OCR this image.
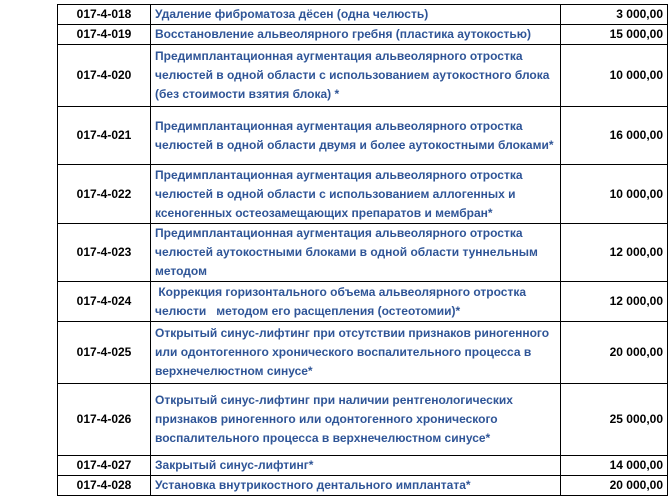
017-4-018	Удаление фиброматоза дёсен (одна челюсть)	3 000,00
017-4-019	Восстановление альвеолярного гребня (пластика аутокостью)	15 000,00
017-4-020	Предимплантационная аугментация альвеолярного отростка челюстей в одной области с использованием аутокостного блока (без стоимости взятия блока) *	10 000,00
017-4-021	Предимплантационная аугментация альвеолярного отростка челюстей в одной области двумя и более аутокостными блоками*	16 000,00
017-4-022	Предимплантационная аугментация альвеолярного отростка челюстей в одной области с использованием аллогенных и ксеногенных остеозамещающих препаратов и мембран*	10 000,00
017-4-023	Предимплантационная аугментация альвеолярного отростка челюстей аутокостными блоками в одной области туннельным методом	12 000,00
017-4-024	Коррекция горизонтального объема альвеолярного отростка челюсти   методом его расщепления (остеотомии)*	12 000,00
017-4-025	Открытый синус-лифтинг при отсутствии признаков риногенного или одонтогенного хронического воспалительного процесса в верхнечелюстном синусе*	20 000,00
017-4-026	Открытый синус-лифтинг при наличии рентгенологических признаков риногенного или одонтогенного хронического воспалительного процесса в верхнечелюстном синусе*	25 000,00
017-4-027	Закрытый синус-лифтинг*	14 000,00
017-4-028	Установка внутрикостного дентального имплантата*	20 000,00
